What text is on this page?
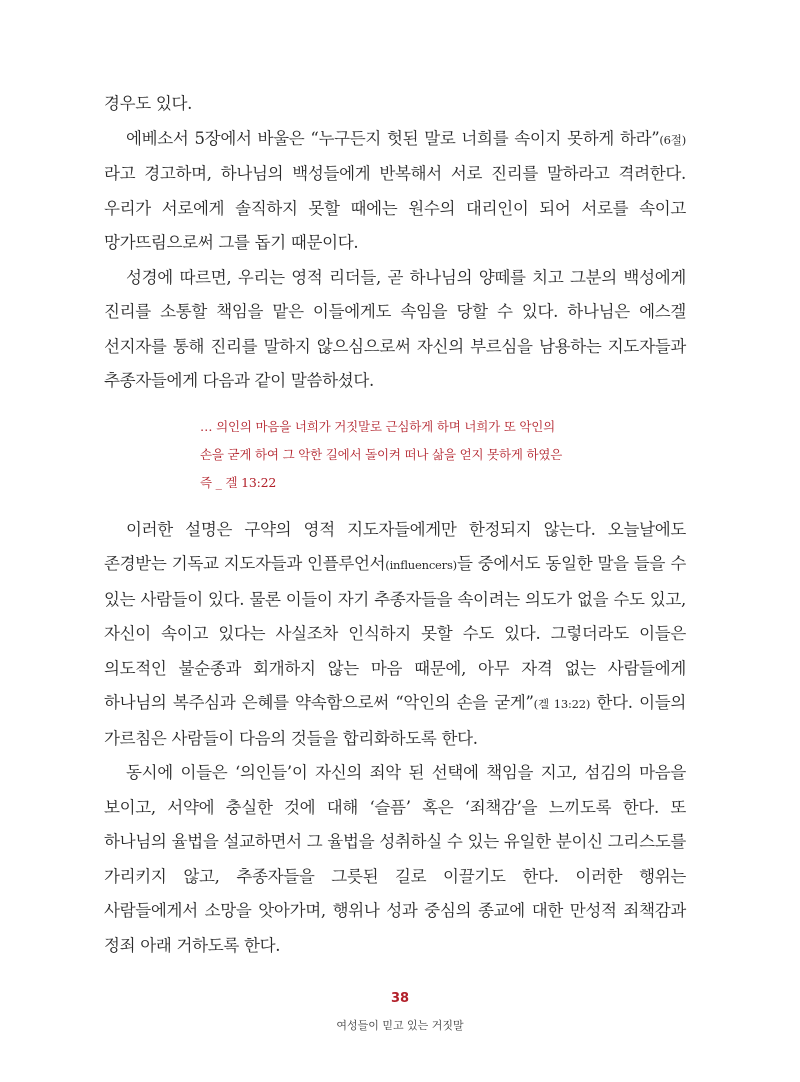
경우도 있다.

에베소서 5장에서 바울은 “누구든지 헛된 말로 너희를 속이지 못하게 하라”(6절) 라고 경고하며, 하나님의 백성들에게 반복해서 서로 진리를 말하라고 격려한다. 우리가 서로에게 솔직하지 못할 때에는 원수의 대리인이 되어 서로를 속이고 망가뜨림으로써 그를 돕기 때문이다.

성경에 따르면, 우리는 영적 리더들, 곧 하나님의 양떼를 치고 그분의 백성에게 진리를 소통할 책임을 맡은 이들에게도 속임을 당할 수 있다. 하나님은 에스겔 선지자를 통해 진리를 말하지 않으심으로써 자신의 부르심을 남용하는 지도자들과 추종자들에게 다음과 같이 말씀하셨다.

… 의인의 마음을 너희가 거짓말로 근심하게 하며 너희가 또 악인의

손을 굳게 하여 그 악한 길에서 돌이켜 떠나 삶을 얻지 못하게 하였은

즉 _ 겔 13:22

이러한 설명은 구약의 영적 지도자들에게만 한정되지 않는다. 오늘날에도 존경받는 기독교 지도자들과 인플루언서(influencers)들 중에서도 동일한 말을 들을 수 있는 사람들이 있다. 물론 이들이 자기 추종자들을 속이려는 의도가 없을 수도 있고, 자신이 속이고 있다는 사실조차 인식하지 못할 수도 있다. 그렇더라도 이들은 의도적인 불순종과 회개하지 않는 마음 때문에, 아무 자격 없는 사람들에게 하나님의 복주심과 은혜를 약속함으로써 “악인의 손을 굳게”(겔 13:22) 한다. 이들의 가르침은 사람들이 다음의 것들을 합리화하도록 한다.

동시에 이들은 ‘의인들’이 자신의 죄악 된 선택에 책임을 지고, 섬김의 마음을 보이고, 서약에 충실한 것에 대해 ‘슬픔’ 혹은 ‘죄책감’을 느끼도록 한다. 또 하나님의 율법을 설교하면서 그 율법을 성취하실 수 있는 유일한 분이신 그리스도를 가리키지 않고, 추종자들을 그릇된 길로 이끌기도 한다. 이러한 행위는 사람들에게서 소망을 앗아가며, 행위나 성과 중심의 종교에 대한 만성적 죄책감과 정죄 아래 거하도록 한다.

38
여성들이 믿고 있는 거짓말
